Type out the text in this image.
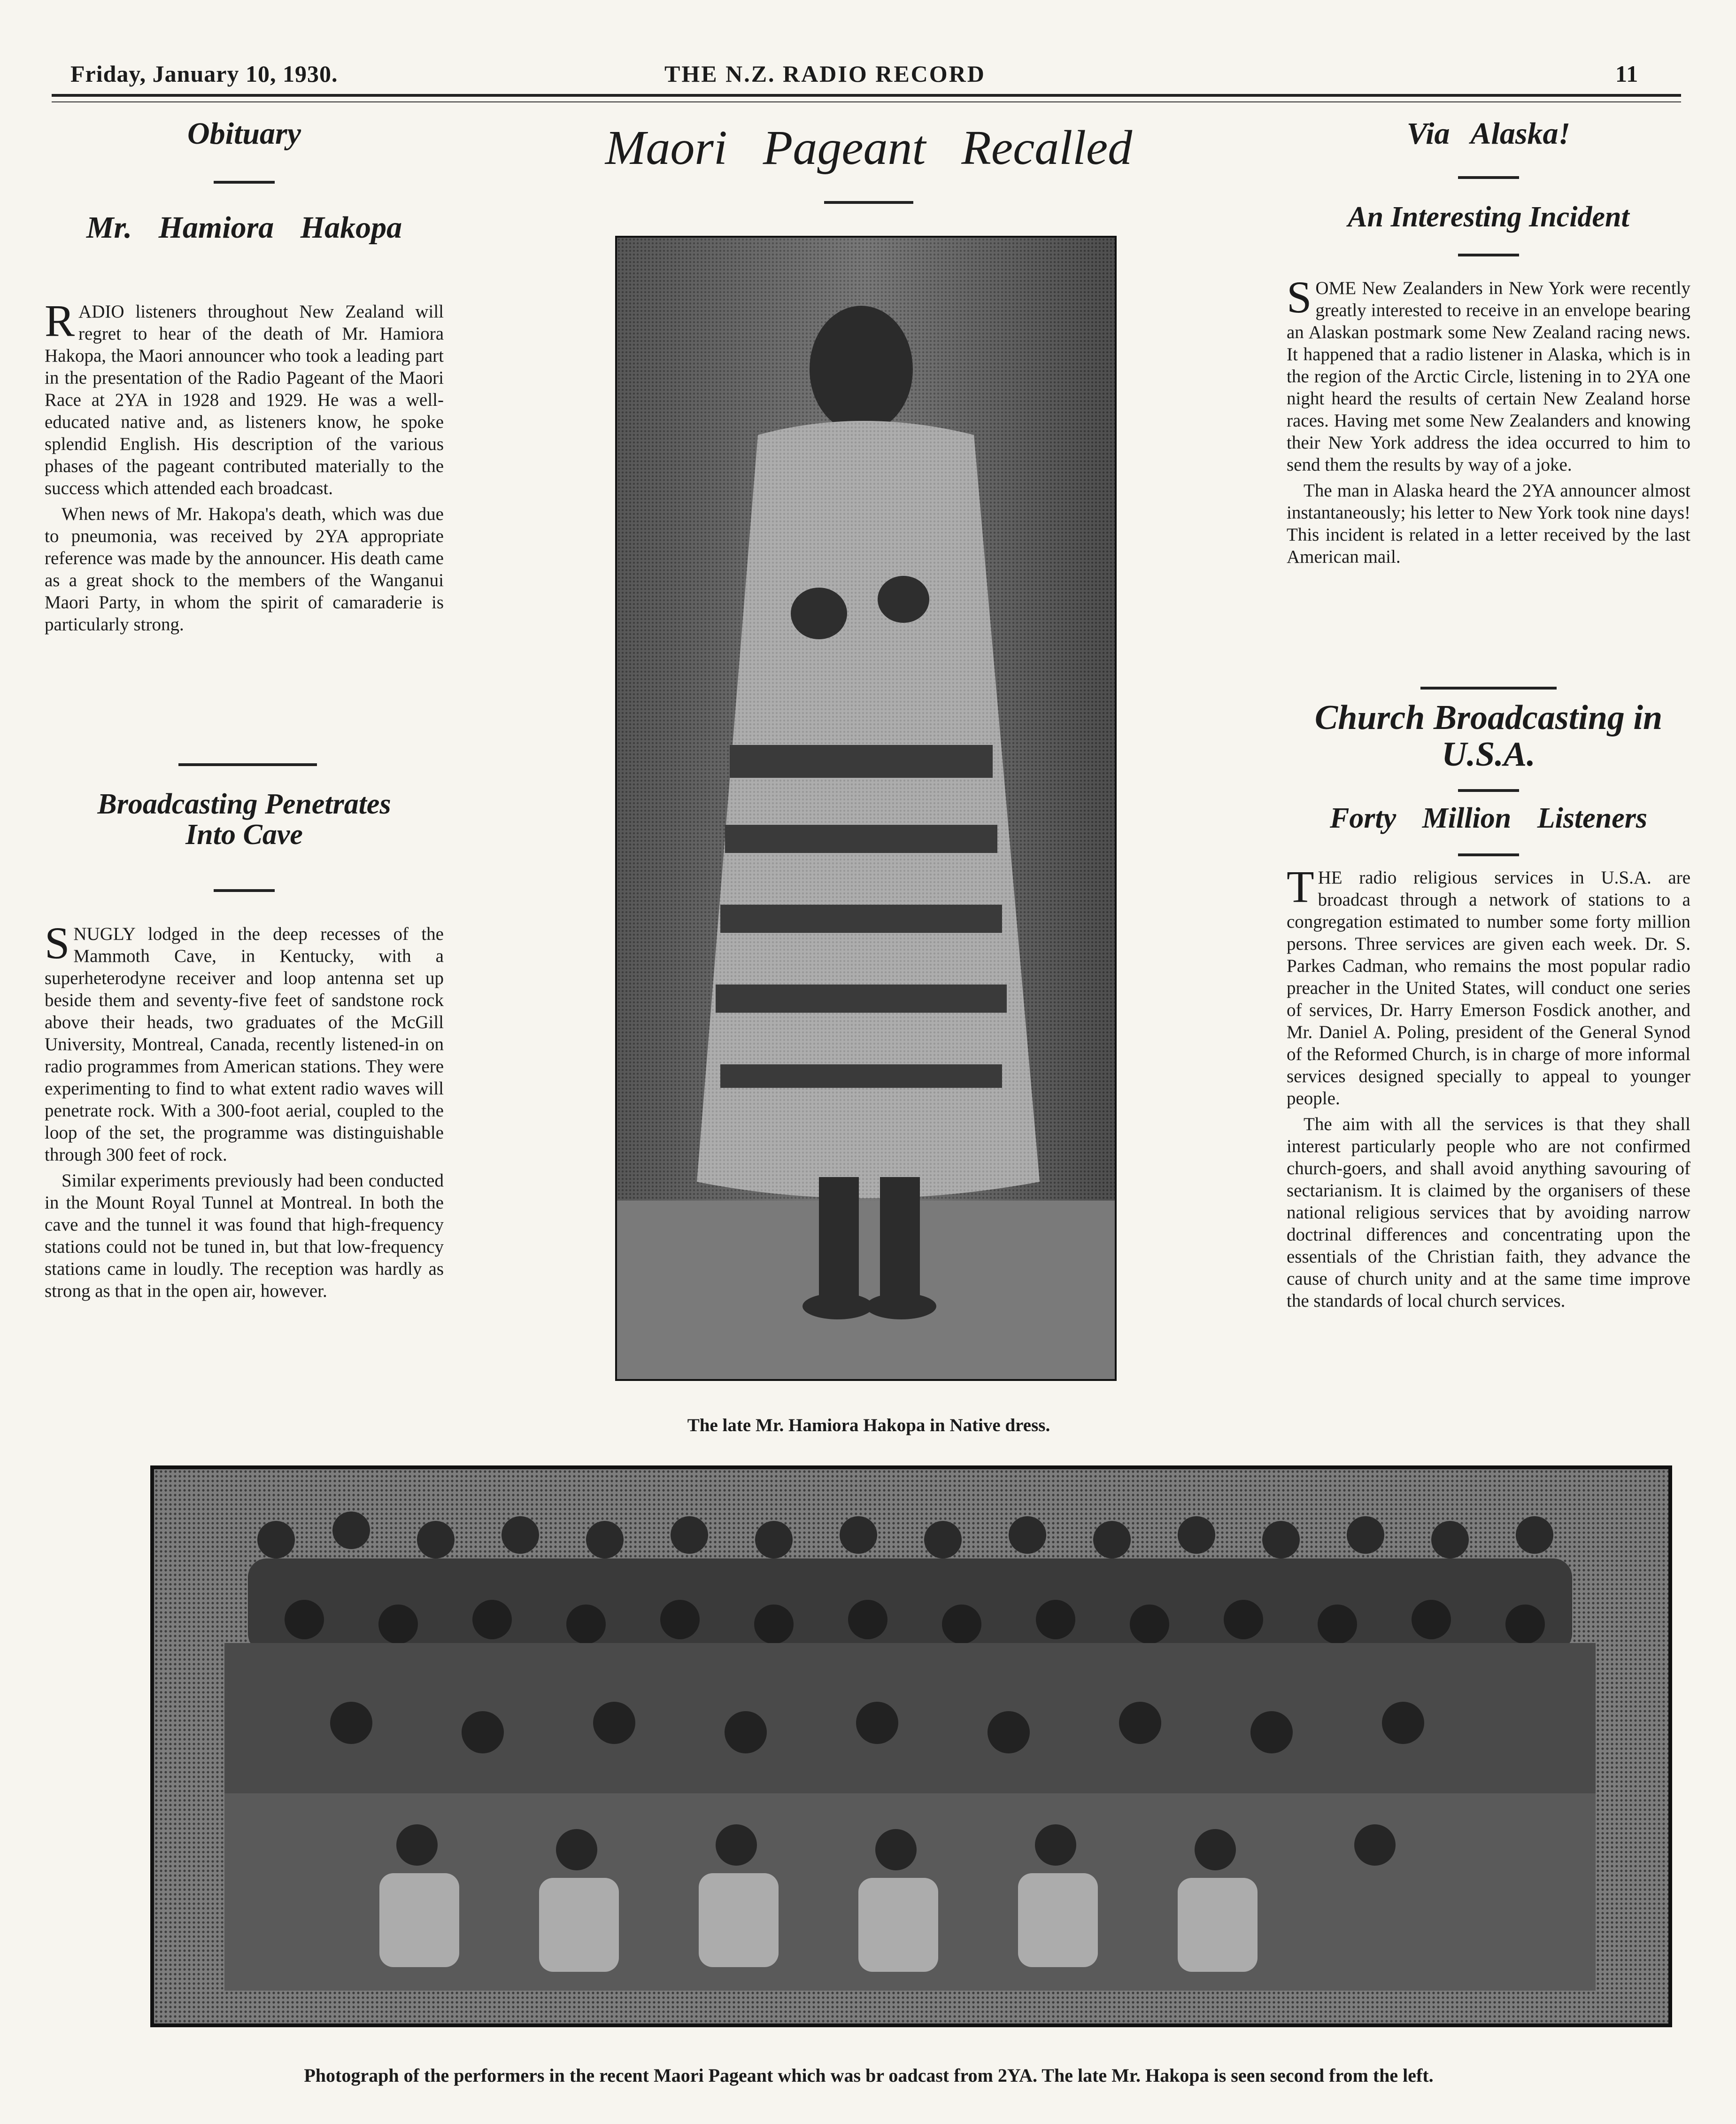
Friday, January 10, 1930.	THE N.Z. RADIO RECORD	11
Obituary
Mr. Hamiora Hakopa

RADIO listeners throughout New Zealand will regret to hear of the death of Mr. Hamiora Hakopa, the Maori announcer who took a leading part in the presentation of the Radio Pageant of the Maori Race at 2YA in 1928 and 1929. He was a well-educated native and, as listeners know, he spoke splendid English. His description of the various phases of the pageant contributed materially to the success which attended each broadcast.

When news of Mr. Hakopa's death, which was due to pneumonia, was received by 2YA appropriate reference was made by the announcer. His death came as a great shock to the members of the Wanganui Maori Party, in whom the spirit of camaraderie is particularly strong.

Broadcasting Penetrates
Into Cave

SNUGLY lodged in the deep recesses of the Mammoth Cave, in Kentucky, with a superheterodyne receiver and loop antenna set up beside them and seventy-five feet of sandstone rock above their heads, two graduates of the McGill University, Montreal, Canada, recently listened-in on radio programmes from American stations. They were experimenting to find to what extent radio waves will penetrate rock. With a 300-foot aerial, coupled to the loop of the set, the programme was distinguishable through 300 feet of rock.

Similar experiments previously had been conducted in the Mount Royal Tunnel at Montreal. In both the cave and the tunnel it was found that high-frequency stations could not be tuned in, but that low-frequency stations came in loudly. The reception was hardly as strong as that in the open air, however.

Maori Pageant Recalled
The late Mr. Hamiora Hakopa in Native dress.
Via Alaska!
An Interesting Incident

SOME New Zealanders in New York were recently greatly interested to receive in an envelope bearing an Alaskan postmark some New Zealand racing news. It happened that a radio listener in Alaska, which is in the region of the Arctic Circle, listening in to 2YA one night heard the results of certain New Zealand horse races. Having met some New Zealanders and knowing their New York address the idea occurred to him to send them the results by way of a joke.

The man in Alaska heard the 2YA announcer almost instantaneously; his letter to New York took nine days! This incident is related in a letter received by the last American mail.

Church Broadcasting in
U.S.A.
Forty Million Listeners

THE radio religious services in U.S.A. are broadcast through a network of stations to a congregation estimated to number some forty million persons. Three services are given each week. Dr. S. Parkes Cadman, who remains the most popular radio preacher in the United States, will conduct one series of services, Dr. Harry Emerson Fosdick another, and Mr. Daniel A. Poling, president of the General Synod of the Reformed Church, is in charge of more informal services designed specially to appeal to younger people.

The aim with all the services is that they shall interest particularly people who are not confirmed church-goers, and shall avoid anything savouring of sectarianism. It is claimed by the organisers of these national religious services that by avoiding narrow doctrinal differences and concentrating upon the essentials of the Christian faith, they advance the cause of church unity and at the same time improve the standards of local church services.

Photograph of the performers in the recent Maori Pageant which was br oadcast from 2YA. The late Mr. Hakopa is seen second from the left.
